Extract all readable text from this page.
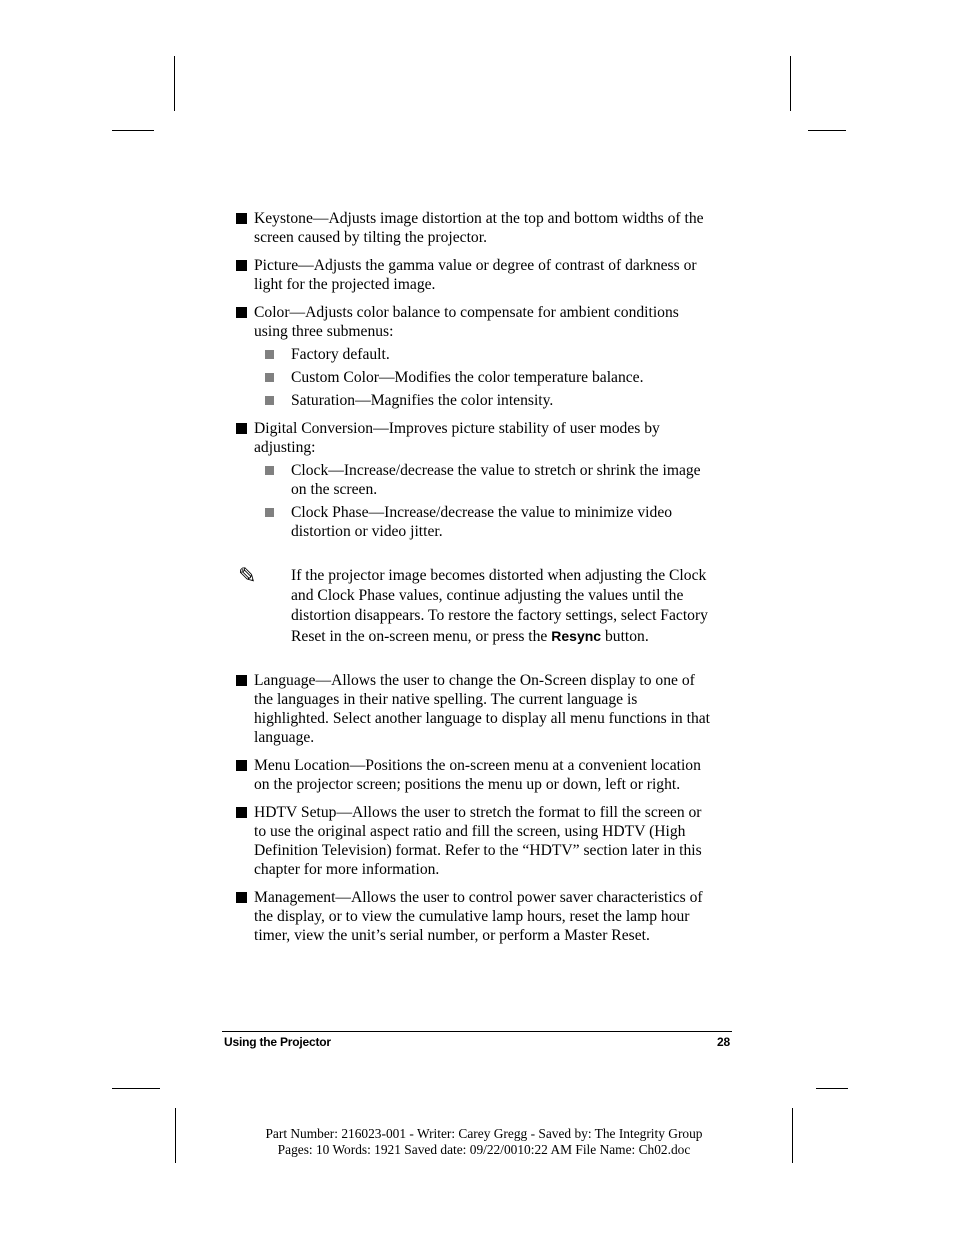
Keystone—Adjusts image distortion at the top and bottom widths of the screen caused by tilting the projector.
Picture—Adjusts the gamma value or degree of contrast of darkness or light for the projected image.
Color—Adjusts color balance to compensate for ambient conditions using three submenus:
Factory default.
Custom Color—Modifies the color temperature balance.
Saturation—Magnifies the color intensity.
Digital Conversion—Improves picture stability of user modes by adjusting:
Clock—Increase/decrease the value to stretch or shrink the image on the screen.
Clock Phase—Increase/decrease the value to minimize video distortion or video jitter.
✎ If the projector image becomes distorted when adjusting the Clock and Clock Phase values, continue adjusting the values until the distortion disappears. To restore the factory settings, select Factory Reset in the on-screen menu, or press the Resync button.
Language—Allows the user to change the On-Screen display to one of the languages in their native spelling. The current language is highlighted. Select another language to display all menu functions in that language.
Menu Location—Positions the on-screen menu at a convenient location on the projector screen; positions the menu up or down, left or right.
HDTV Setup—Allows the user to stretch the format to fill the screen or to use the original aspect ratio and fill the screen, using HDTV (High Definition Television) format. Refer to the “HDTV” section later in this chapter for more information.
Management—Allows the user to control power saver characteristics of the display, or to view the cumulative lamp hours, reset the lamp hour timer, view the unit’s serial number, or perform a Master Reset.
Using the Projector	28
Part Number: 216023-001 - Writer: Carey Gregg - Saved by: The Integrity Group
Pages: 10 Words: 1921 Saved date: 09/22/0010:22 AM File Name: Ch02.doc
